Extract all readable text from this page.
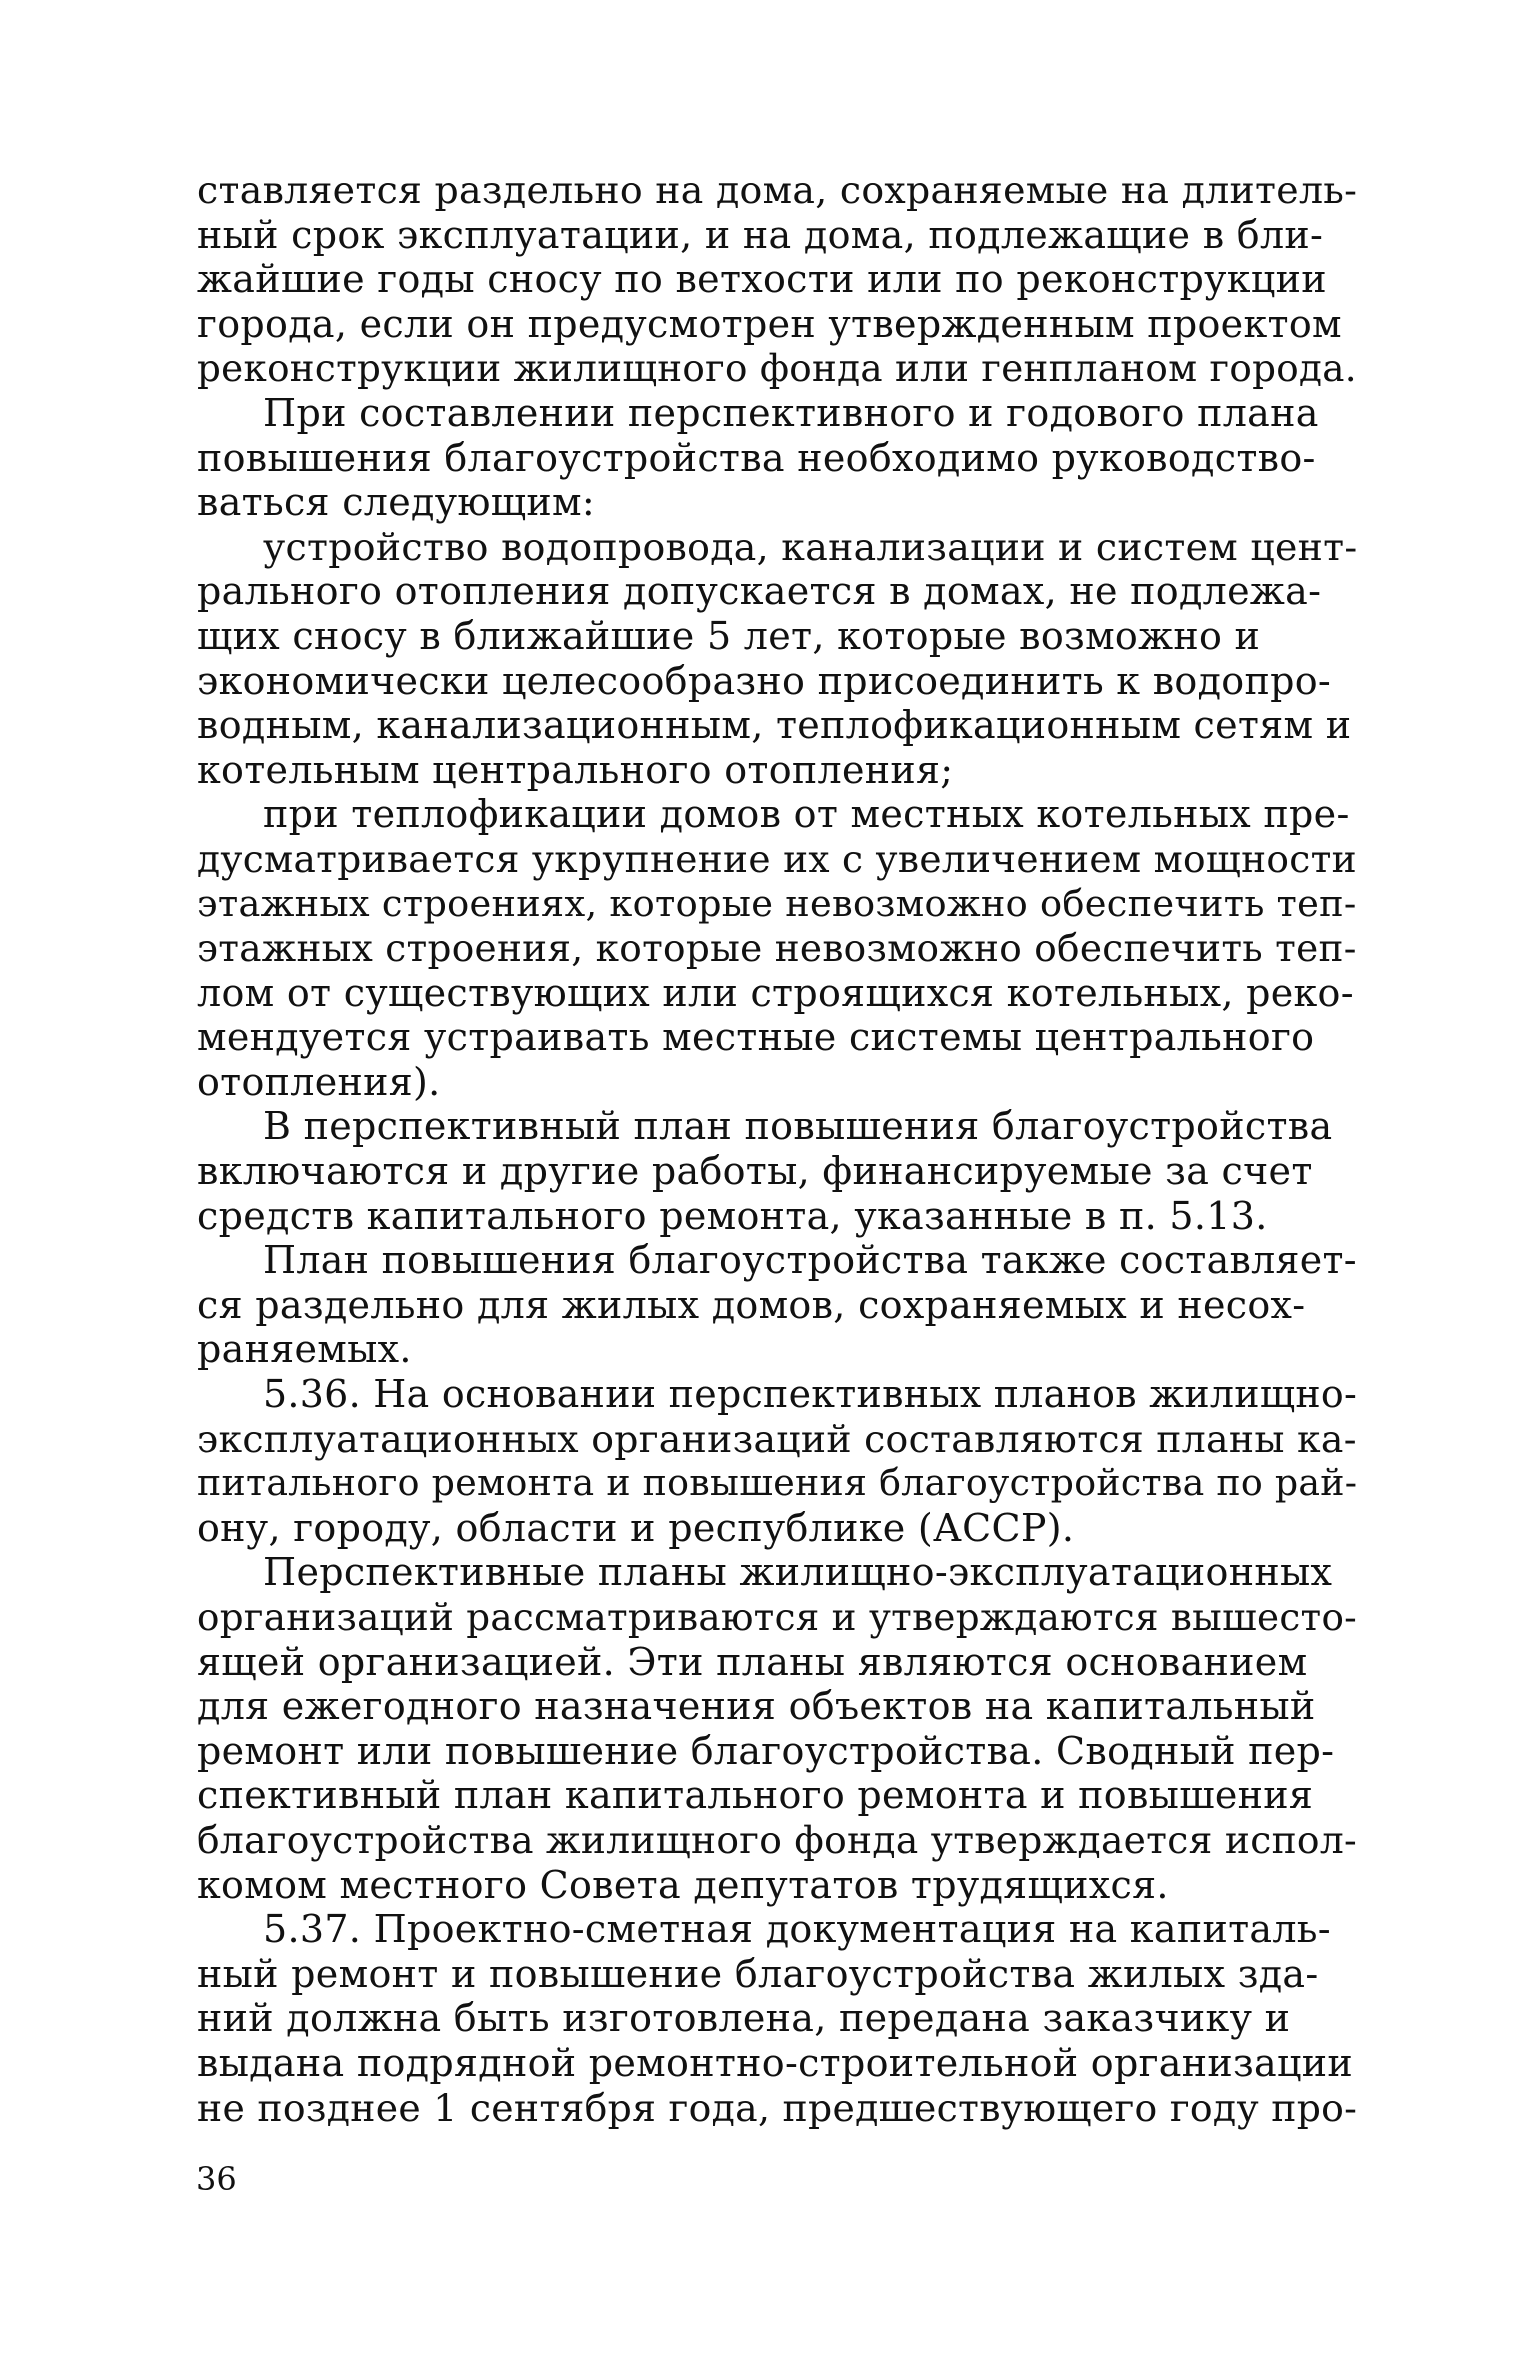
ставляется раздельно на дома, сохраняемые на длитель-
ный срок эксплуатации, и на дома, подлежащие в бли-
жайшие годы сносу по ветхости или по реконструкции
города, если он предусмотрен утвержденным проектом
реконструкции жилищного фонда или генпланом города.
При составлении перспективного и годового плана
повышения благоустройства необходимо руководство-
ваться следующим:
устройство водопровода, канализации и систем цент-
рального отопления допускается в домах, не подлежа-
щих сносу в ближайшие 5 лет, которые возможно и
экономически целесообразно присоединить к водопро-
водным, канализационным, теплофикационным сетям и
котельным центрального отопления;
при теплофикации домов от местных котельных пре-
дусматривается укрупнение их с увеличением мощности
этажных строениях, которые невозможно обеспечить теп-
этажных строения, которые невозможно обеспечить теп-
лом от существующих или строящихся котельных, реко-
мендуется устраивать местные системы центрального
отопления).
В перспективный план повышения благоустройства
включаются и другие работы, финансируемые за счет
средств капитального ремонта, указанные в п. 5.13.
План повышения благоустройства также составляет-
ся раздельно для жилых домов, сохраняемых и несох-
раняемых.
5.36. На основании перспективных планов жилищно-
эксплуатационных организаций составляются планы ка-
питального ремонта и повышения благоустройства по рай-
ону, городу, области и республике (АССР).
Перспективные планы жилищно-эксплуатационных
организаций рассматриваются и утверждаются вышесто-
ящей организацией. Эти планы являются основанием
для ежегодного назначения объектов на капитальный
ремонт или повышение благоустройства. Сводный пер-
спективный план капитального ремонта и повышения
благоустройства жилищного фонда утверждается испол-
комом местного Совета депутатов трудящихся.
5.37. Проектно-сметная документация на капиталь-
ный ремонт и повышение благоустройства жилых зда-
ний должна быть изготовлена, передана заказчику и
выдана подрядной ремонтно-строительной организации
не позднее 1 сентября года, предшествующего году про-
36
